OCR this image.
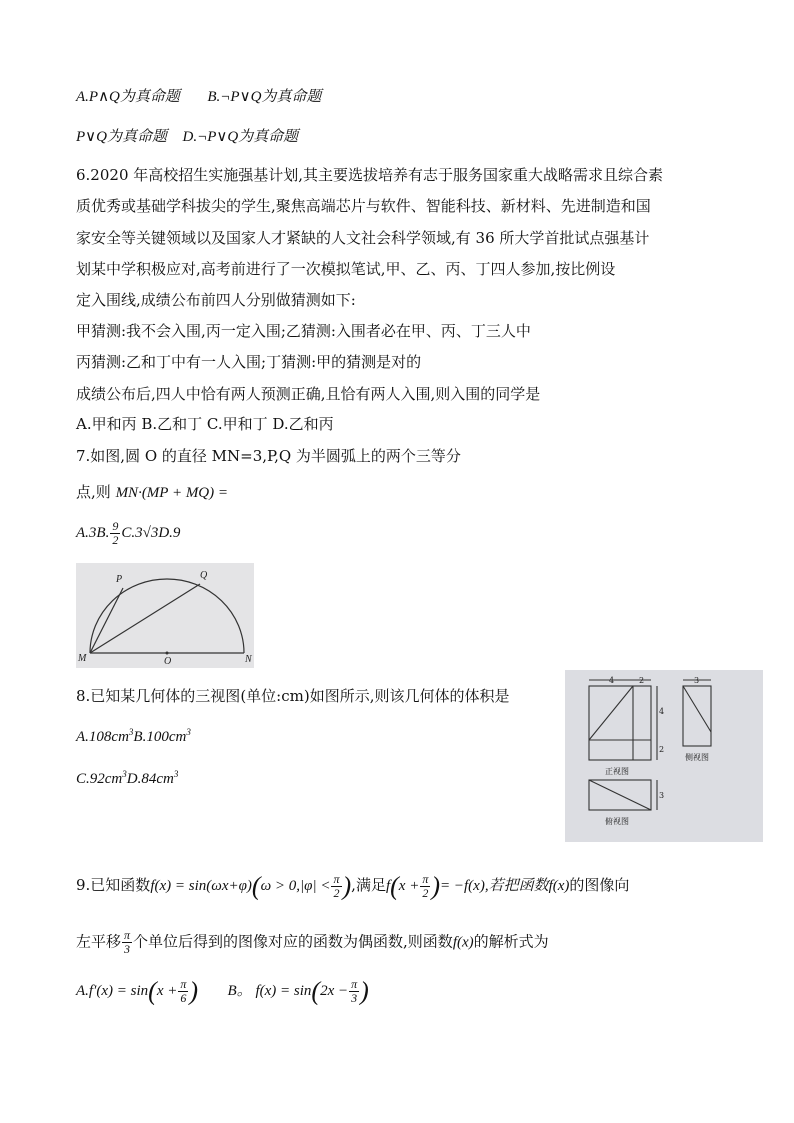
A.P∧Q为真命题 B.¬P∨Q为真命题
P∨Q为真命题 D.¬P∨Q为真命题
6.2020 年高校招生实施强基计划,其主要选拔培养有志于服务国家重大战略需求且综合素
质优秀或基础学科拔尖的学生,聚焦高端芯片与软件、智能科技、新材料、先进制造和国
家安全等关键领域以及国家人才紧缺的人文社会科学领域,有 36 所大学首批试点强基计
划某中学积极应对,高考前进行了一次模拟笔试,甲、乙、丙、丁四人参加,按比例设
定入围线,成绩公布前四人分别做猜测如下:
甲猜测:我不会入围,丙一定入围;乙猜测:入围者必在甲、丙、丁三人中
丙猜测:乙和丁中有一人入围;丁猜测:甲的猜测是对的
成绩公布后,四人中恰有两人预测正确,且恰有两人入围,则入围的同学是
A.甲和丙 B.乙和丁 C.甲和丁 D.乙和丙
7.如图,圆 O 的直径 MN=3,P,Q 为半圆弧上的两个三等分
点,则 MN·(MP + MQ) =
A.3B. $\frac{9}{2} C.3√3D.9$
P	Q
M	O	N
8.已知某几何体的三视图(单位:cm)如图所示,则该几何体的体积是
$A.108cm^3B.100cm^3$
$C.92cm^3D.84cm^3$
4	2
4
2
正视图
3
侧视图
3
俯视图
9.已知函数$f(x) = \sin(\omega x+\varphi)(\omega > 0,|\varphi| < \frac{\pi}{2}$ ),满足$f(x + \frac{\pi}{2}$ )= −f(x),若把函数f(x)的图像向
左平移 $\frac{\pi}{3}$ 个单位后得到的图像对应的函数为偶函数,则函数f(x)的解析式为
$A.f'(x) = \sin(x + \frac{\pi}{6}$ ) B。 $f(x) = \sin(2x - \frac{\pi}{3}$ )
